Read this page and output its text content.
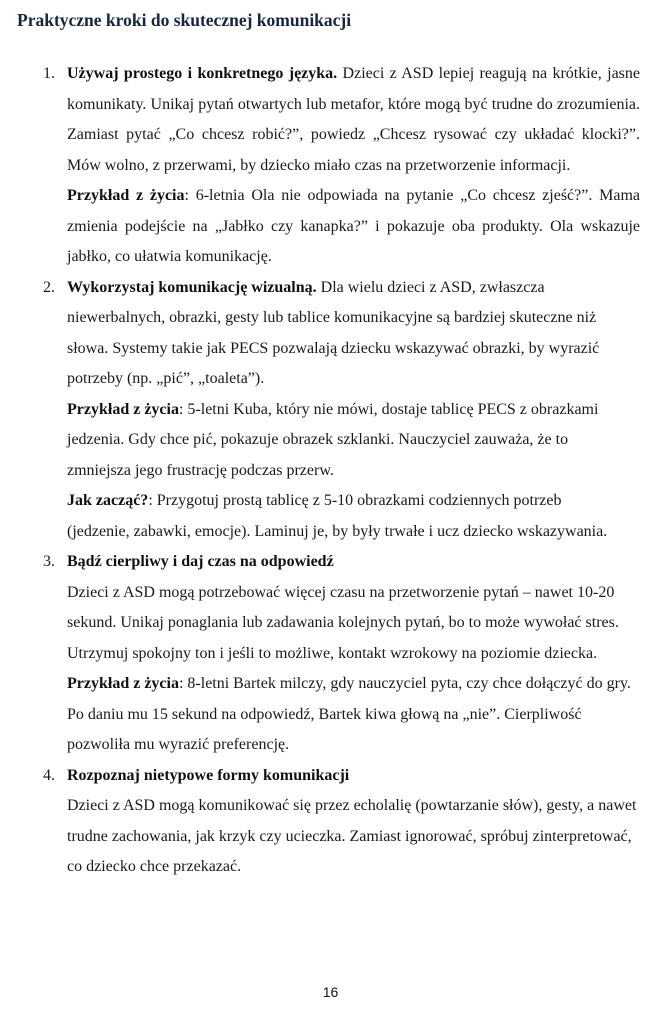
Praktyczne kroki do skutecznej komunikacji
1. Używaj prostego i konkretnego języka. Dzieci z ASD lepiej reagują na krótkie, jasne komunikaty. Unikaj pytań otwartych lub metafor, które mogą być trudne do zrozumienia. Zamiast pytać „Co chcesz robić?”, powiedz „Chcesz rysować czy układać klocki?”. Mów wolno, z przerwami, by dziecko miało czas na przetworzenie informacji.

Przykład z życia: 6-letnia Ola nie odpowiada na pytanie „Co chcesz zjeść?”. Mama zmienia podejście na „Jabłko czy kanapka?” i pokazuje oba produkty. Ola wskazuje jabłko, co ułatwia komunikację.

2. Wykorzystaj komunikację wizualną. Dla wielu dzieci z ASD, zwłaszcza niewerbalnych, obrazki, gesty lub tablice komunikacyjne są bardziej skuteczne niż słowa. Systemy takie jak PECS pozwalają dziecku wskazywać obrazki, by wyrazić potrzeby (np. „pić”, „toaleta”).

Przykład z życia: 5-letni Kuba, który nie mówi, dostaje tablicę PECS z obrazkami jedzenia. Gdy chce pić, pokazuje obrazek szklanki. Nauczyciel zauważa, że to zmniejsza jego frustrację podczas przerw.

Jak zacząć?: Przygotuj prostą tablicę z 5-10 obrazkami codziennych potrzeb (jedzenie, zabawki, emocje). Laminuj je, by były trwałe i ucz dziecko wskazywania.

3. Bądź cierpliwy i daj czas na odpowiedź

Dzieci z ASD mogą potrzebować więcej czasu na przetworzenie pytań – nawet 10-20 sekund. Unikaj ponaglania lub zadawania kolejnych pytań, bo to może wywołać stres. Utrzymuj spokojny ton i jeśli to możliwe, kontakt wzrokowy na poziomie dziecka.

Przykład z życia: 8-letni Bartek milczy, gdy nauczyciel pyta, czy chce dołączyć do gry. Po daniu mu 15 sekund na odpowiedź, Bartek kiwa głową na „nie”. Cierpliwość pozwoliła mu wyrazić preferencję.

4. Rozpoznaj nietypowe formy komunikacji

Dzieci z ASD mogą komunikować się przez echolalię (powtarzanie słów), gesty, a nawet trudne zachowania, jak krzyk czy ucieczka. Zamiast ignorować, spróbuj zinterpretować, co dziecko chce przekazać.

16
